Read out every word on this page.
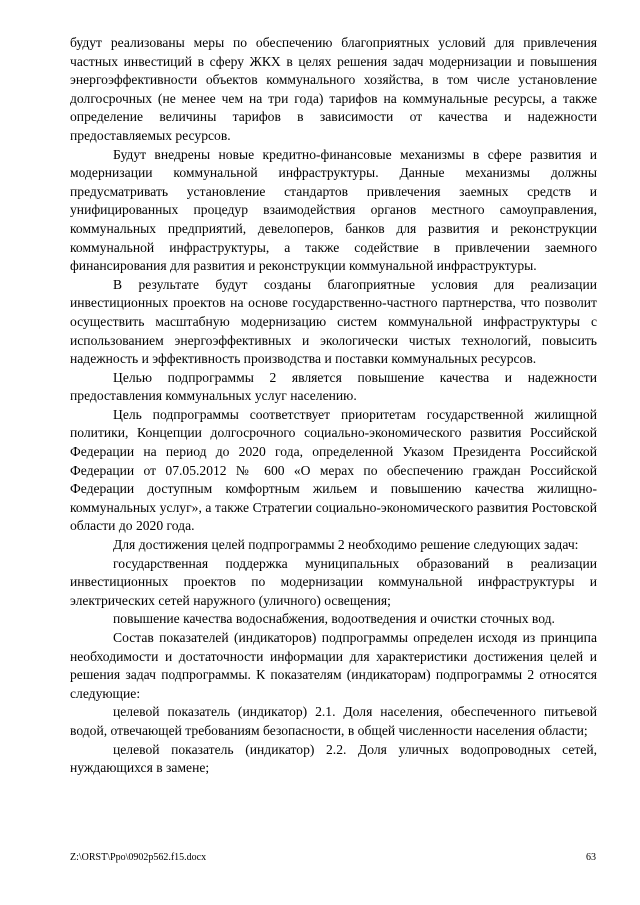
будут реализованы меры по обеспечению благоприятных условий для привлечения частных инвестиций в сферу ЖКХ в целях решения задач модернизации и повышения энергоэффективности объектов коммунального хозяйства, в том числе установление долгосрочных (не менее чем на три года) тарифов на коммунальные ресурсы, а также определение величины тарифов в зависимости от качества и надежности предоставляемых ресурсов.

Будут внедрены новые кредитно-финансовые механизмы в сфере развития и модернизации коммунальной инфраструктуры. Данные механизмы должны предусматривать установление стандартов привлечения заемных средств и унифицированных процедур взаимодействия органов местного самоуправления, коммунальных предприятий, девелоперов, банков для развития и реконструкции коммунальной инфраструктуры, а также содействие в привлечении заемного финансирования для развития и реконструкции коммунальной инфраструктуры.

В результате будут созданы благоприятные условия для реализации инвестиционных проектов на основе государственно-частного партнерства, что позволит осуществить масштабную модернизацию систем коммунальной инфраструктуры с использованием энергоэффективных и экологически чистых технологий, повысить надежность и эффективность производства и поставки коммунальных ресурсов.

Целью подпрограммы 2 является повышение качества и надежности предоставления коммунальных услуг населению.

Цель подпрограммы соответствует приоритетам государственной жилищной политики, Концепции долгосрочного социально-экономического развития Российской Федерации на период до 2020 года, определенной Указом Президента Российской Федерации от 07.05.2012 № 600 «О мерах по обеспечению граждан Российской Федерации доступным комфортным жильем и повышению качества жилищно-коммунальных услуг», а также Стратегии социально-экономического развития Ростовской области до 2020 года.

Для достижения целей подпрограммы 2 необходимо решение следующих задач:

государственная поддержка муниципальных образований в реализации инвестиционных проектов по модернизации коммунальной инфраструктуры и электрических сетей наружного (уличного) освещения;

повышение качества водоснабжения, водоотведения и очистки сточных вод.

Состав показателей (индикаторов) подпрограммы определен исходя из принципа необходимости и достаточности информации для характеристики достижения целей и решения задач подпрограммы. К показателям (индикаторам) подпрограммы 2 относятся следующие:

целевой показатель (индикатор) 2.1. Доля населения, обеспеченного питьевой водой, отвечающей требованиям безопасности, в общей численности населения области;

целевой показатель (индикатор) 2.2. Доля уличных водопроводных сетей, нуждающихся в замене;

Z:\ORST\Ppo\0902p562.f15.docx	63
